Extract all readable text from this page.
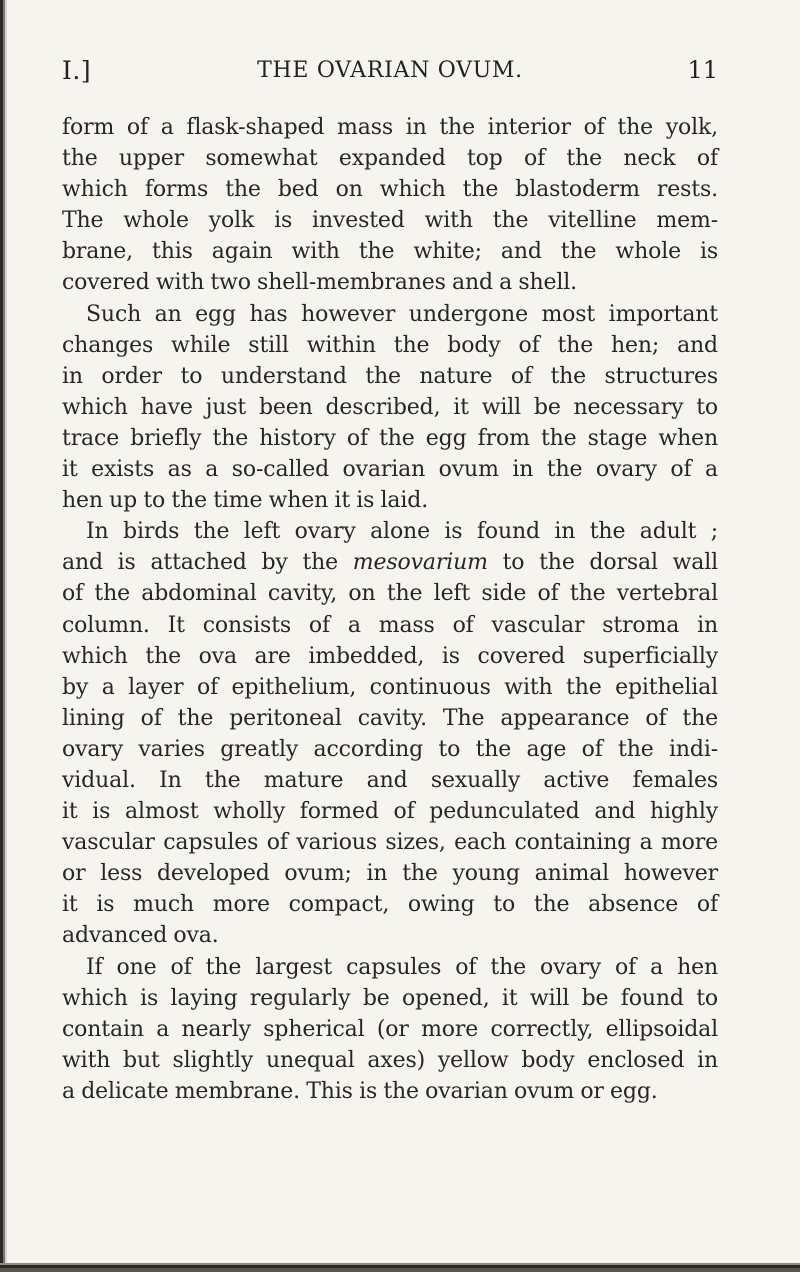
I.]	THE OVARIAN OVUM.	11
form of a flask-shaped mass in the interior of the yolk,
the upper somewhat expanded top of the neck of
which forms the bed on which the blastoderm rests.
The whole yolk is invested with the vitelline mem-
brane, this again with the white; and the whole is
covered with two shell-membranes and a shell.
Such an egg has however undergone most important
changes while still within the body of the hen; and
in order to understand the nature of the structures
which have just been described, it will be necessary to
trace briefly the history of the egg from the stage when
it exists as a so-called ovarian ovum in the ovary of a
hen up to the time when it is laid.
In birds the left ovary alone is found in the adult ;
and is attached by the mesovarium to the dorsal wall
of the abdominal cavity, on the left side of the vertebral
column. It consists of a mass of vascular stroma in
which the ova are imbedded, is covered superficially
by a layer of epithelium, continuous with the epithelial
lining of the peritoneal cavity. The appearance of the
ovary varies greatly according to the age of the indi-
vidual. In the mature and sexually active females
it is almost wholly formed of pedunculated and highly
vascular capsules of various sizes, each containing a more
or less developed ovum; in the young animal however
it is much more compact, owing to the absence of
advanced ova.
If one of the largest capsules of the ovary of a hen
which is laying regularly be opened, it will be found to
contain a nearly spherical (or more correctly, ellipsoidal
with but slightly unequal axes) yellow body enclosed in
a delicate membrane. This is the ovarian ovum or egg.
